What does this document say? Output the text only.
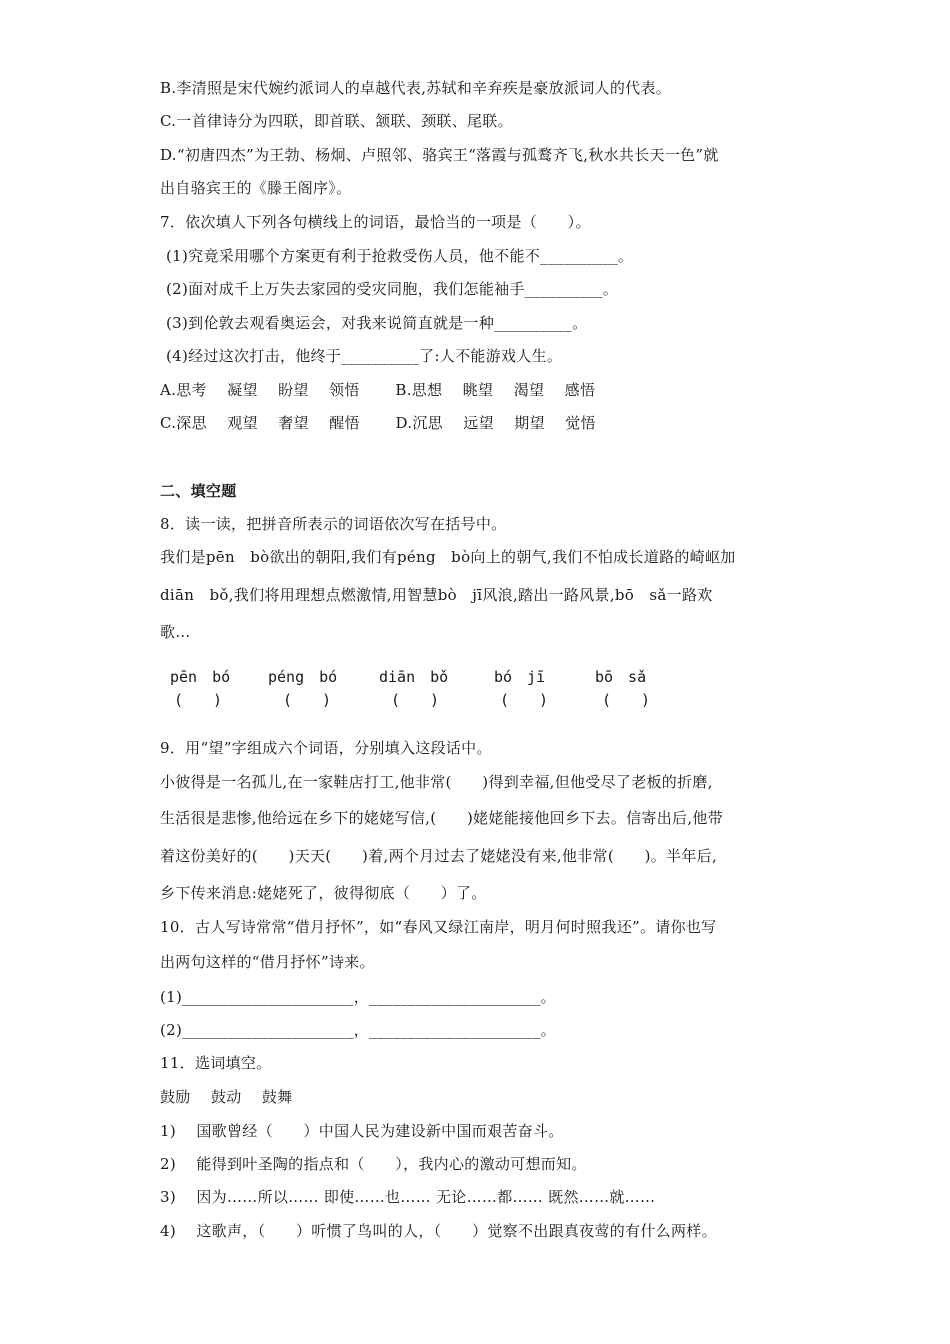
B.李清照是宋代婉约派词人的卓越代表,苏轼和辛弃疾是豪放派词人的代表。
C.一首律诗分为四联，即首联、颔联、颈联、尾联。
D.“初唐四杰”为王勃、杨炯、卢照邻、骆宾王“落霞与孤鹜齐飞,秋水共长天一色”就
出自骆宾王的《滕王阁序》。
7．依次填人下列各句横线上的词语，最恰当的一项是（　　）。
(1)究竟采用哪个方案更有利于抢救受伤人员，他不能不__________。
(2)面对成千上万失去家园的受灾同胞，我们怎能袖手__________。
(3)到伦敦去观看奥运会，对我来说简直就是一种__________。
(4)经过这次打击，他终于__________了:人不能游戏人生。
A.思考　 凝望　 盼望　 领悟　　 B.思想　 眺望　 渴望　 感悟
C.深思　 观望　 奢望　 醒悟　　 D.沉思　 远望　 期望　 觉悟
二、填空题
8．读一读，把拼音所表示的词语依次写在括号中。
我们是pēn　bò欲出的朝阳,我们有péng　bò向上的朝气,我们不怕成长道路的崎岖加
diān　bǒ,我们将用理想点燃激情,用智慧bò　jī风浪,踏出一路风景,bō　sǎ一路欢
歌…
pēn　bó	péng　bó	diān　bǒ	bó　jī	bō　sǎ
(　　)	(　　)	(　　)	(　　)	(　　)
9．用“望”字组成六个词语，分别填入这段话中。
小彼得是一名孤儿,在一家鞋店打工,他非常(　　)得到幸福,但他受尽了老板的折磨,
生活很是悲惨,他给远在乡下的姥姥写信,(　　)姥姥能接他回乡下去。信寄出后,他带
着这份美好的(　　)天天(　　)着,两个月过去了姥姥没有来,他非常(　　)。半年后,
乡下传来消息:姥姥死了，彼得彻底（　　）了。
10．古人写诗常常“借月抒怀”，如“春风又绿江南岸，明月何时照我还”。请你也写
出两句这样的“借月抒怀”诗来。
(1)______________________，______________________。
(2)______________________，______________________。
11．选词填空。
鼓励　 鼓动　 鼓舞
1)　 国歌曾经（　　）中国人民为建设新中国而艰苦奋斗。
2)　 能得到叶圣陶的指点和（　　），我内心的激动可想而知。
3)　 因为……所以…… 即使……也…… 无论……都…… 既然……就……
4)　 这歌声，（　　）听惯了鸟叫的人，（　　）觉察不出跟真夜莺的有什么两样。
